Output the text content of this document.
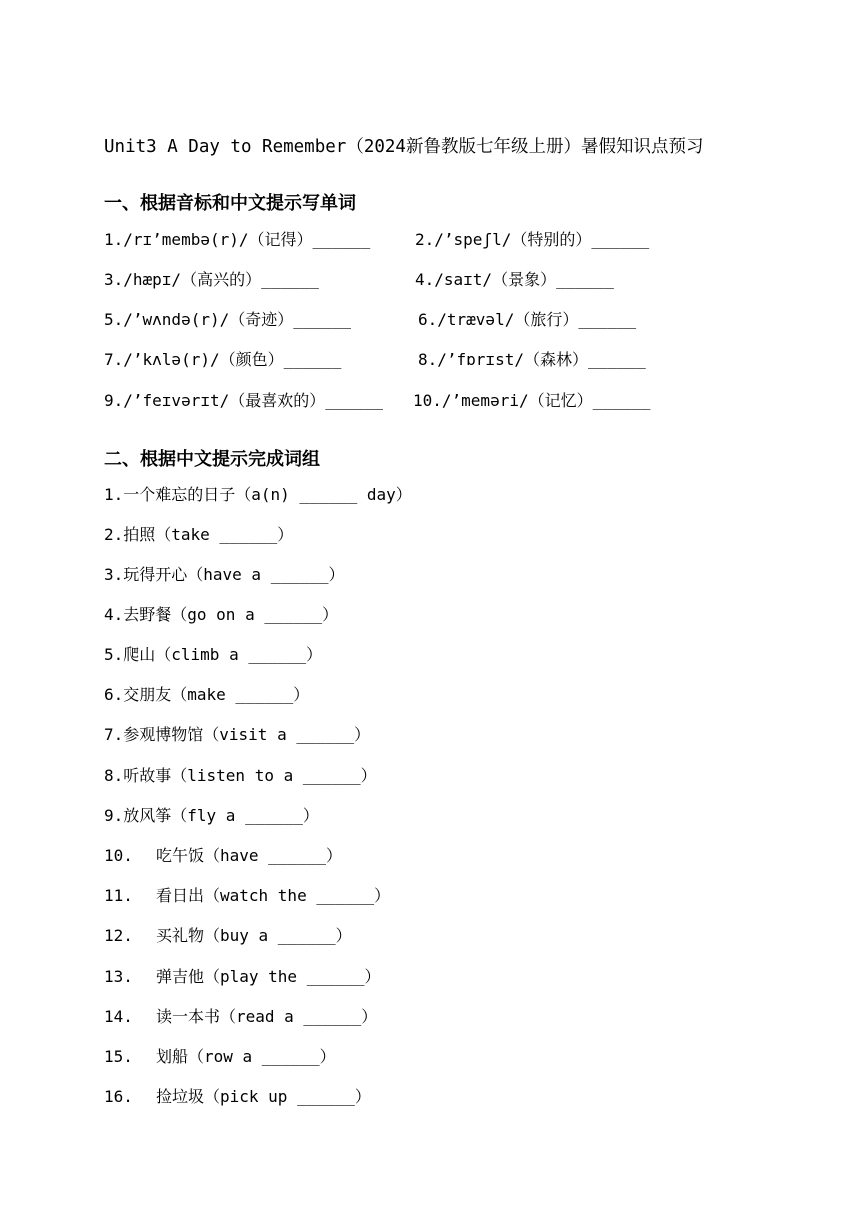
Unit3 A Day to Remember（2024新鲁教版七年级上册）暑假知识点预习
一、根据音标和中文提示写单词
1./rɪ’membə(r)/（记得）______	2./’speʃl/（特别的）______
3./hæpɪ/（高兴的）______	4./saɪt/（景象）______
5./’wʌndə(r)/（奇迹）______	6./trævəl/（旅行）______
7./’kʌlə(r)/（颜色）______	8./’fɒrɪst/（森林）______
9./’feɪvərɪt/（最喜欢的）______ 10./’meməri/（记忆）______
二、根据中文提示完成词组
1.一个难忘的日子（a(n) ______ day）
2.拍照（take ______）
3.玩得开心（have a ______）
4.去野餐（go on a ______）
5.爬山（climb a ______）
6.交朋友（make ______）
7.参观博物馆（visit a ______）
8.听故事（listen to a ______）
9.放风筝（fly a ______）
10. 吃午饭（have ______）
11. 看日出（watch the ______）
12. 买礼物（buy a ______）
13. 弹吉他（play the ______）
14. 读一本书（read a ______）
15. 划船（row a ______）
16. 捡垃圾（pick up ______）
